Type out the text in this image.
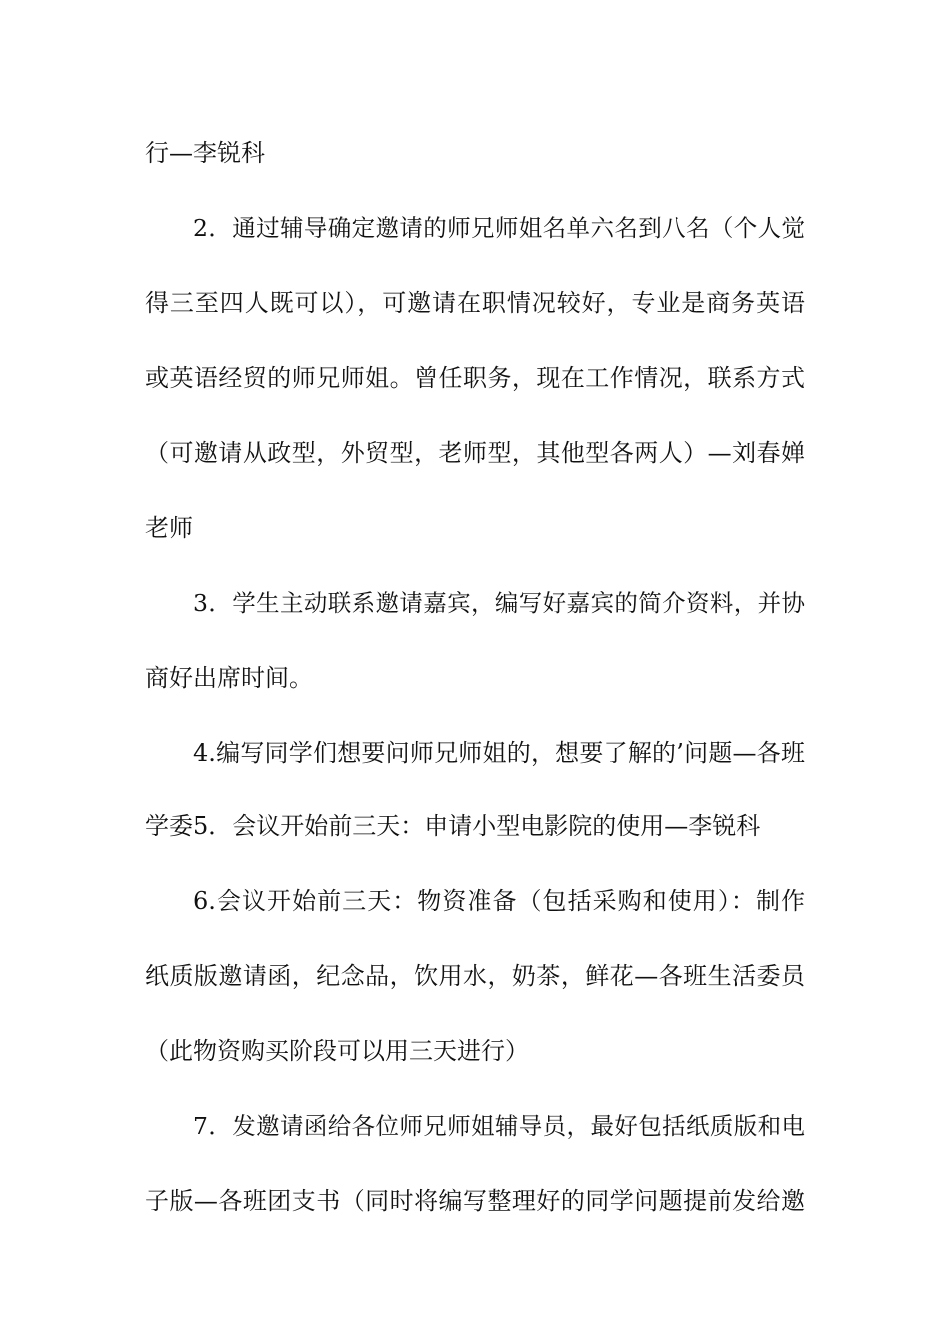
行—李锐科
2．通过辅导确定邀请的师兄师姐名单六名到八名（个人觉
得三至四人既可以），可邀请在职情况较好，专业是商务英语
或英语经贸的师兄师姐。曾任职务，现在工作情况，联系方式
（可邀请从政型，外贸型，老师型，其他型各两人）—刘春婵
老师
3．学生主动联系邀请嘉宾，编写好嘉宾的简介资料，并协
商好出席时间。
4.编写同学们想要问师兄师姐的，想要了解的’问题—各班
学委5．会议开始前三天：申请小型电影院的使用—李锐科
6.会议开始前三天：物资准备（包括采购和使用）：制作
纸质版邀请函，纪念品，饮用水，奶茶，鲜花—各班生活委员
（此物资购买阶段可以用三天进行）
7．发邀请函给各位师兄师姐辅导员，最好包括纸质版和电
子版—各班团支书（同时将编写整理好的同学问题提前发给邀
